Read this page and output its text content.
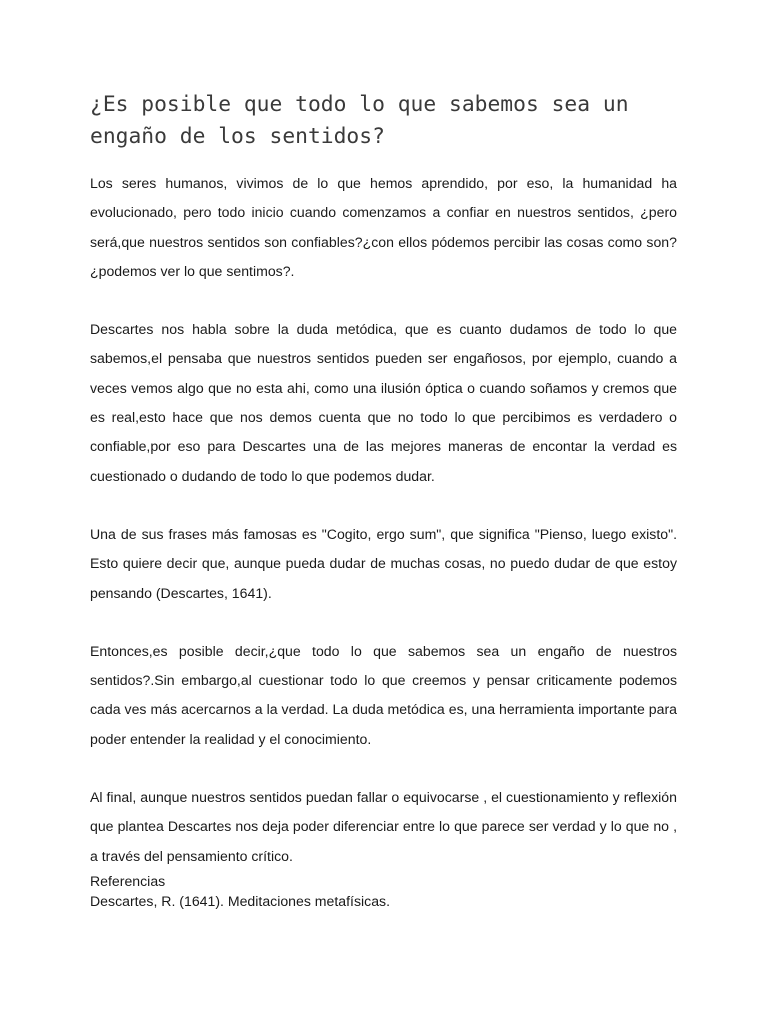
¿Es posible que todo lo que sabemos sea un engaño de los sentidos?

Los seres humanos, vivimos de lo que hemos aprendido, por eso, la humanidad ha evolucionado, pero todo inicio cuando comenzamos a confiar en nuestros sentidos, ¿pero será,que nuestros sentidos son confiables?¿con ellos pódemos percibir las cosas como son?¿podemos ver lo que sentimos?.

Descartes nos habla sobre la duda metódica, que es cuanto dudamos de todo lo que sabemos,el pensaba que nuestros sentidos pueden ser engañosos, por ejemplo, cuando a veces vemos algo que no esta ahi, como una ilusión óptica o cuando soñamos y cremos que es real,esto hace que nos demos cuenta que no todo lo que percibimos es verdadero o confiable,por eso para Descartes una de las mejores maneras de encontar la verdad es cuestionado o dudando de todo lo que podemos dudar.

Una de sus frases más famosas es "Cogito, ergo sum", que significa "Pienso, luego existo". Esto quiere decir que, aunque pueda dudar de muchas cosas, no puedo dudar de que estoy pensando (Descartes, 1641).

Entonces,es posible decir,¿que todo lo que sabemos sea un engaño de nuestros sentidos?.Sin embargo,al cuestionar todo lo que creemos y pensar criticamente podemos cada ves más acercarnos a la verdad. La duda metódica es, una herramienta importante para poder entender la realidad y el conocimiento.

Al final, aunque nuestros sentidos puedan fallar o equivocarse , el cuestionamiento y reflexión que plantea Descartes nos deja poder diferenciar entre lo que parece ser verdad y lo que no , a través del pensamiento crítico.

Referencias
Descartes, R. (1641). Meditaciones metafísicas.
